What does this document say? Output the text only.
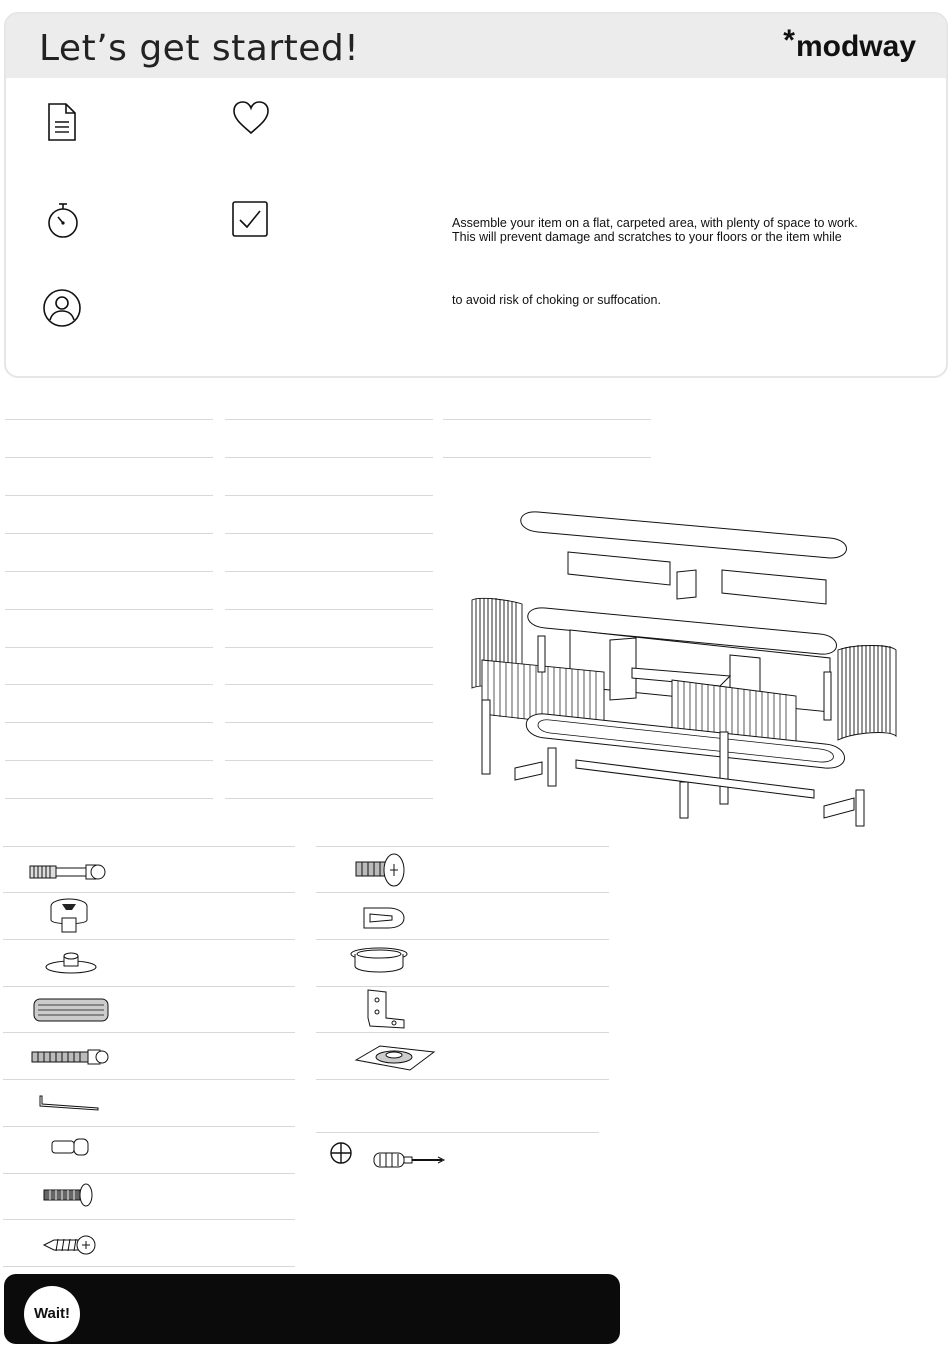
Let’s get started!	*modway
Assemble your item on a flat, carpeted area, with plenty of space to work.
This will prevent damage and scratches to your floors or the item while
to avoid risk of choking or suffocation.
Wait!
